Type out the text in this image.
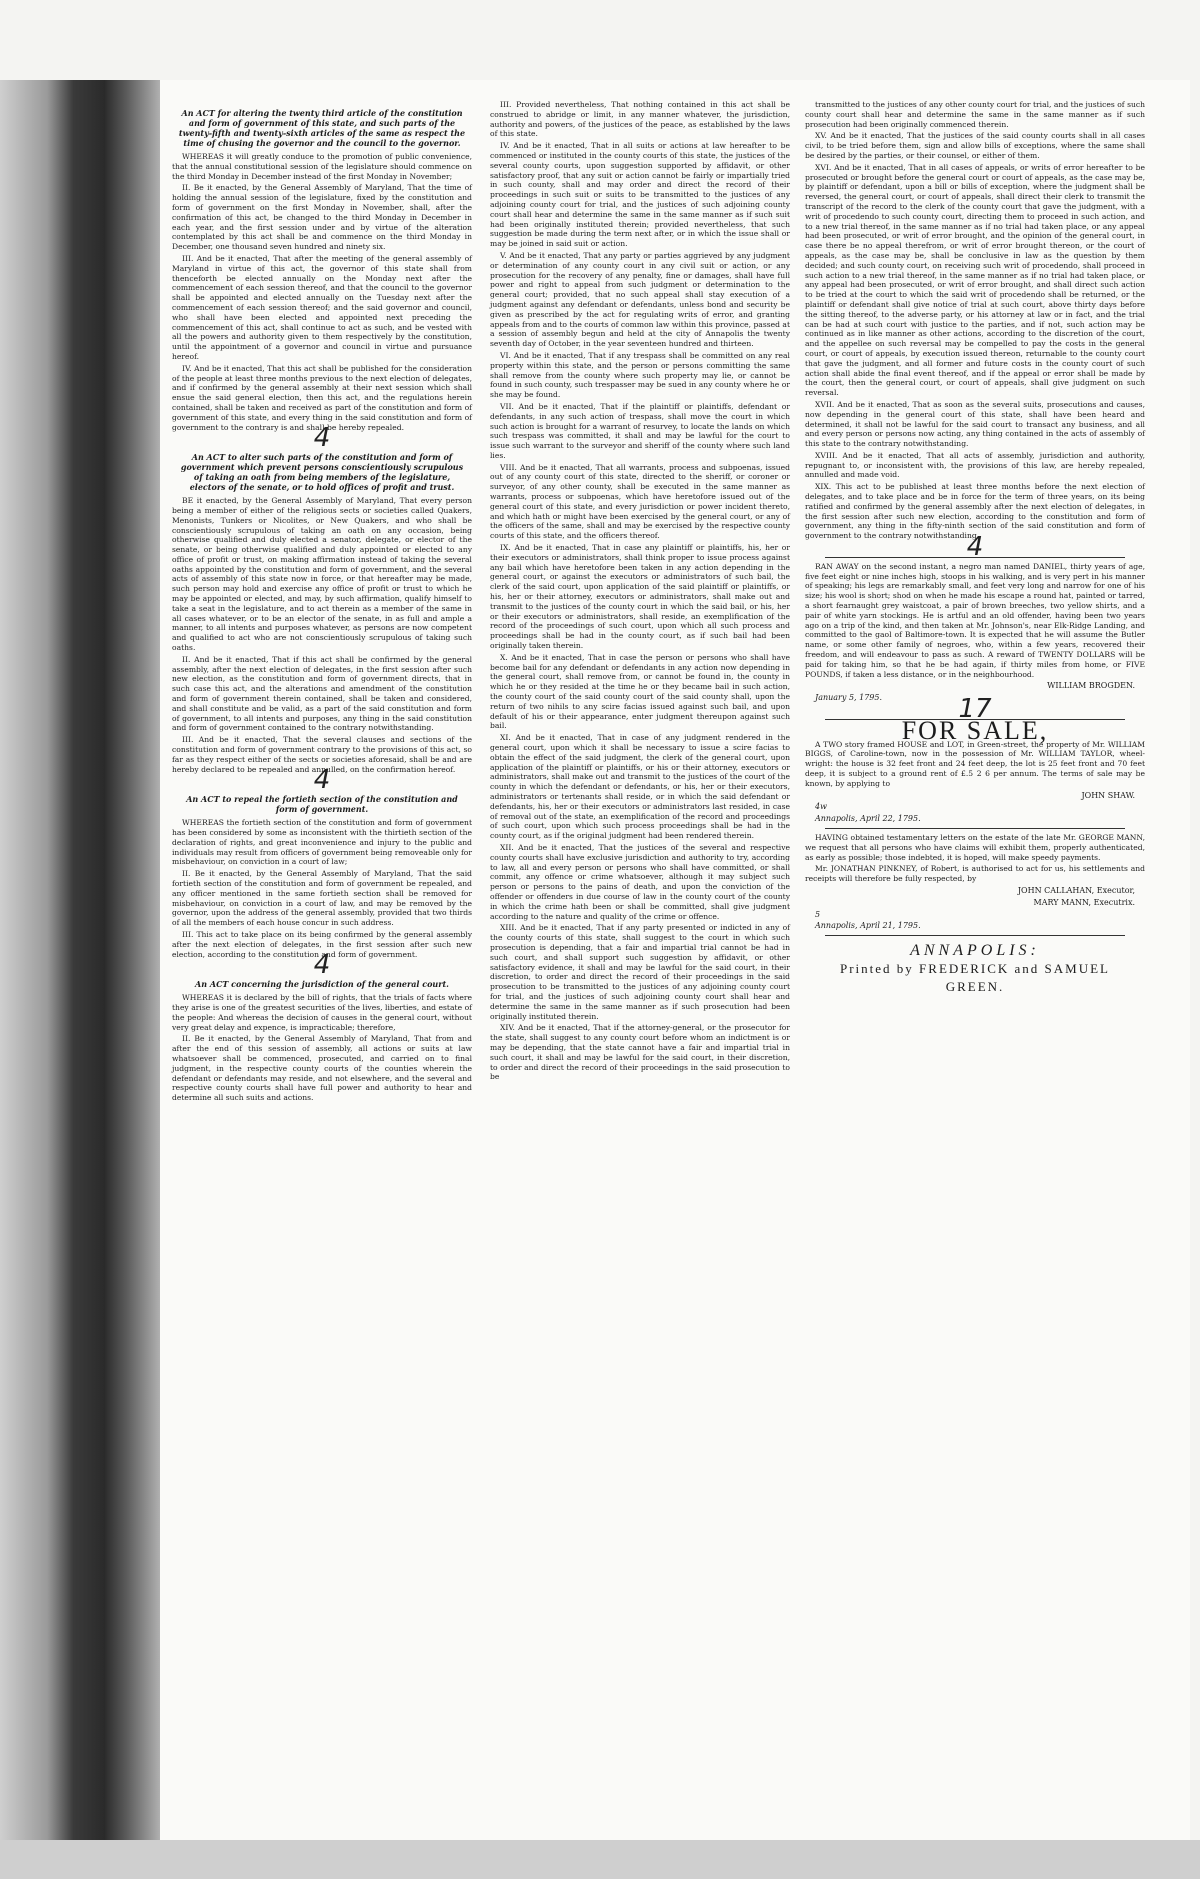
An ACT for altering the twenty third article of the constitution and form of government of this state, and such parts of the twenty-fifth and twenty-sixth articles of the same as respect the time of chusing the governor and the council to the governor.

WHEREAS it will greatly conduce to the promotion of public convenience, that the annual constitutional session of the legislature should commence on the third Monday in December instead of the first Monday in November;

II. Be it enacted, by the General Assembly of Maryland, That the time of holding the annual session of the legislature, fixed by the constitution and form of government on the first Monday in November, shall, after the confirmation of this act, be changed to the third Monday in December in each year, and the first session under and by virtue of the alteration contemplated by this act shall be and commence on the third Monday in December, one thousand seven hundred and ninety six.

III. And be it enacted, That after the meeting of the general assembly of Maryland in virtue of this act, the governor of this state shall from thenceforth be elected annually on the Monday next after the commencement of each session thereof, and that the council to the governor shall be appointed and elected annually on the Tuesday next after the commencement of each session thereof; and the said governor and council, who shall have been elected and appointed next preceding the commencement of this act, shall continue to act as such, and be vested with all the powers and authority given to them respectively by the constitution, until the appointment of a governor and council in virtue and pursuance hereof.

IV. And be it enacted, That this act shall be published for the consideration of the people at least three months previous to the next election of delegates, and if confirmed by the general assembly at their next session which shall ensue the said general election, then this act, and the regulations herein contained, shall be taken and received as part of the constitution and form of government of this state, and every thing in the said constitution and form of government to the contrary is and shall be hereby repealed.

4
An ACT to alter such parts of the constitution and form of government which prevent persons conscientiously scrupulous of taking an oath from being members of the legislature, electors of the senate, or to hold offices of profit and trust.

BE it enacted, by the General Assembly of Maryland, That every person being a member of either of the religious sects or societies called Quakers, Menonists, Tunkers or Nicolites, or New Quakers, and who shall be conscientiously scrupulous of taking an oath on any occasion, being otherwise qualified and duly elected a senator, delegate, or elector of the senate, or being otherwise qualified and duly appointed or elected to any office of profit or trust, on making affirmation instead of taking the several oaths appointed by the constitution and form of government, and the several acts of assembly of this state now in force, or that hereafter may be made, such person may hold and exercise any office of profit or trust to which he may be appointed or elected, and may, by such affirmation, qualify himself to take a seat in the legislature, and to act therein as a member of the same in all cases whatever, or to be an elector of the senate, in as full and ample a manner, to all intents and purposes whatever, as persons are now competent and qualified to act who are not conscientiously scrupulous of taking such oaths.

II. And be it enacted, That if this act shall be confirmed by the general assembly, after the next election of delegates, in the first session after such new election, as the constitution and form of government directs, that in such case this act, and the alterations and amendment of the constitution and form of government therein contained, shall be taken and considered, and shall constitute and be valid, as a part of the said constitution and form of government, to all intents and purposes, any thing in the said constitution and form of government contained to the contrary notwithstanding.

III. And be it enacted, That the several clauses and sections of the constitution and form of government contrary to the provisions of this act, so far as they respect either of the sects or societies aforesaid, shall be and are hereby declared to be repealed and annulled, on the confirmation hereof.

4
An ACT to repeal the fortieth section of the constitution and form of government.

WHEREAS the fortieth section of the constitution and form of government has been considered by some as inconsistent with the thirtieth section of the declaration of rights, and great inconvenience and injury to the public and individuals may result from officers of government being removeable only for misbehaviour, on conviction in a court of law;

II. Be it enacted, by the General Assembly of Maryland, That the said fortieth section of the constitution and form of government be repealed, and any officer mentioned in the same fortieth section shall be removed for misbehaviour, on conviction in a court of law, and may be removed by the governor, upon the address of the general assembly, provided that two thirds of all the members of each house concur in such address.

III. This act to take place on its being confirmed by the general assembly after the next election of delegates, in the first session after such new election, according to the constitution and form of government.

4
An ACT concerning the jurisdiction of the general court.

WHEREAS it is declared by the bill of rights, that the trials of facts where they arise is one of the greatest securities of the lives, liberties, and estate of the people: And whereas the decision of causes in the general court, without very great delay and expence, is impracticable; therefore,

II. Be it enacted, by the General Assembly of Maryland, That from and after the end of this session of assembly, all actions or suits at law whatsoever shall be commenced, prosecuted, and carried on to final judgment, in the respective county courts of the counties wherein the defendant or defendants may reside, and not elsewhere, and the several and respective county courts shall have full power and authority to hear and determine all such suits and actions.

III. Provided nevertheless, That nothing contained in this act shall be construed to abridge or limit, in any manner whatever, the jurisdiction, authority and powers, of the justices of the peace, as established by the laws of this state.

IV. And be it enacted, That in all suits or actions at law hereafter to be commenced or instituted in the county courts of this state, the justices of the several county courts, upon suggestion supported by affidavit, or other satisfactory proof, that any suit or action cannot be fairly or impartially tried in such county, shall and may order and direct the record of their proceedings in such suit or suits to be transmitted to the justices of any adjoining county court for trial, and the justices of such adjoining county court shall hear and determine the same in the same manner as if such suit had been originally instituted therein; provided nevertheless, that such suggestion be made during the term next after, or in which the issue shall or may be joined in said suit or action.

V. And be it enacted, That any party or parties aggrieved by any judgment or determination of any county court in any civil suit or action, or any prosecution for the recovery of any penalty, fine or damages, shall have full power and right to appeal from such judgment or determination to the general court; provided, that no such appeal shall stay execution of a judgment against any defendant or defendants, unless bond and security be given as prescribed by the act for regulating writs of error, and granting appeals from and to the courts of common law within this province, passed at a session of assembly begun and held at the city of Annapolis the twenty seventh day of October, in the year seventeen hundred and thirteen.

VI. And be it enacted, That if any trespass shall be committed on any real property within this state, and the person or persons committing the same shall remove from the county where such property may lie, or cannot be found in such county, such trespasser may be sued in any county where he or she may be found.

VII. And be it enacted, That if the plaintiff or plaintiffs, defendant or defendants, in any such action of trespass, shall move the court in which such action is brought for a warrant of resurvey, to locate the lands on which such trespass was committed, it shall and may be lawful for the court to issue such warrant to the surveyor and sheriff of the county where such land lies.

VIII. And be it enacted, That all warrants, process and subpoenas, issued out of any county court of this state, directed to the sheriff, or coroner or surveyor, of any other county, shall be executed in the same manner as warrants, process or subpoenas, which have heretofore issued out of the general court of this state, and every jurisdiction or power incident thereto, and which hath or might have been exercised by the general court, or any of the officers of the same, shall and may be exercised by the respective county courts of this state, and the officers thereof.

IX. And be it enacted, That in case any plaintiff or plaintiffs, his, her or their executors or administrators, shall think proper to issue process against any bail which have heretofore been taken in any action depending in the general court, or against the executors or administrators of such bail, the clerk of the said court, upon application of the said plaintiff or plaintiffs, or his, her or their attorney, executors or administrators, shall make out and transmit to the justices of the county court in which the said bail, or his, her or their executors or administrators, shall reside, an exemplification of the record of the proceedings of such court, upon which all such process and proceedings shall be had in the county court, as if such bail had been originally taken therein.

X. And be it enacted, That in case the person or persons who shall have become bail for any defendant or defendants in any action now depending in the general court, shall remove from, or cannot be found in, the county in which he or they resided at the time he or they became bail in such action, the county court of the said county court of the said county shall, upon the return of two nihils to any scire facias issued against such bail, and upon default of his or their appearance, enter judgment thereupon against such bail.

XI. And be it enacted, That in case of any judgment rendered in the general court, upon which it shall be necessary to issue a scire facias to obtain the effect of the said judgment, the clerk of the general court, upon application of the plaintiff or plaintiffs, or his or their attorney, executors or administrators, shall make out and transmit to the justices of the court of the county in which the defendant or defendants, or his, her or their executors, administrators or tertenants shall reside, or in which the said defendant or defendants, his, her or their executors or administrators last resided, in case of removal out of the state, an exemplification of the record and proceedings of such court, upon which such process proceedings shall be had in the county court, as if the original judgment had been rendered therein.

XII. And be it enacted, That the justices of the several and respective county courts shall have exclusive jurisdiction and authority to try, according to law, all and every person or persons who shall have committed, or shall commit, any offence or crime whatsoever, although it may subject such person or persons to the pains of death, and upon the conviction of the offender or offenders in due course of law in the county court of the county in which the crime hath been or shall be committed, shall give judgment according to the nature and quality of the crime or offence.

XIII. And be it enacted, That if any party presented or indicted in any of the county courts of this state, shall suggest to the court in which such prosecution is depending, that a fair and impartial trial cannot be had in such court, and shall support such suggestion by affidavit, or other satisfactory evidence, it shall and may be lawful for the said court, in their discretion, to order and direct the record of their proceedings in the said prosecution to be transmitted to the justices of any adjoining county court for trial, and the justices of such adjoining county court shall hear and determine the same in the same manner as if such prosecution had been originally instituted therein.

XIV. And be it enacted, That if the attorney-general, or the prosecutor for the state, shall suggest to any county court before whom an indictment is or may be depending, that the state cannot have a fair and impartial trial in such court, it shall and may be lawful for the said court, in their discretion, to order and direct the record of their proceedings in the said prosecution to be

transmitted to the justices of any other county court for trial, and the justices of such county court shall hear and determine the same in the same manner as if such prosecution had been originally commenced therein.

XV. And be it enacted, That the justices of the said county courts shall in all cases civil, to be tried before them, sign and allow bills of exceptions, where the same shall be desired by the parties, or their counsel, or either of them.

XVI. And be it enacted, That in all cases of appeals, or writs of error hereafter to be prosecuted or brought before the general court or court of appeals, as the case may be, by plaintiff or defendant, upon a bill or bills of exception, where the judgment shall be reversed, the general court, or court of appeals, shall direct their clerk to transmit the transcript of the record to the clerk of the county court that gave the judgment, with a writ of procedendo to such county court, directing them to proceed in such action, and to a new trial thereof, in the same manner as if no trial had taken place, or any appeal had been prosecuted, or writ of error brought, and the opinion of the general court, in case there be no appeal therefrom, or writ of error brought thereon, or the court of appeals, as the case may be, shall be conclusive in law as the question by them decided; and such county court, on receiving such writ of procedendo, shall proceed in such action to a new trial thereof, in the same manner as if no trial had taken place, or any appeal had been prosecuted, or writ of error brought, and shall direct such action to be tried at the court to which the said writ of procedendo shall be returned, or the plaintiff or defendant shall give notice of trial at such court, above thirty days before the sitting thereof, to the adverse party, or his attorney at law or in fact, and the trial can be had at such court with justice to the parties, and if not, such action may be continued as in like manner as other actions, according to the discretion of the court, and the appellee on such reversal may be compelled to pay the costs in the general court, or court of appeals, by execution issued thereon, returnable to the county court that gave the judgment, and all former and future costs in the county court of such action shall abide the final event thereof, and if the appeal or error shall be made by the court, then the general court, or court of appeals, shall give judgment on such reversal.

XVII. And be it enacted, That as soon as the several suits, prosecutions and causes, now depending in the general court of this state, shall have been heard and determined, it shall not be lawful for the said court to transact any business, and all and every person or persons now acting, any thing contained in the acts of assembly of this state to the contrary notwithstanding.

XVIII. And be it enacted, That all acts of assembly, jurisdiction and authority, repugnant to, or inconsistent with, the provisions of this law, are hereby repealed, annulled and made void.

XIX. This act to be published at least three months before the next election of delegates, and to take place and be in force for the term of three years, on its being ratified and confirmed by the general assembly after the next election of delegates, in the first session after such new election, according to the constitution and form of government, any thing in the fifty-ninth section of the said constitution and form of government to the contrary notwithstanding.

4

RAN AWAY on the second instant, a negro man named DANIEL, thirty years of age, five feet eight or nine inches high, stoops in his walking, and is very pert in his manner of speaking; his legs are remarkably small, and feet very long and narrow for one of his size; his wool is short; shod on when he made his escape a round hat, painted or tarred, a short fearnaught grey waistcoat, a pair of brown breeches, two yellow shirts, and a pair of white yarn stockings. He is artful and an old offender, having been two years ago on a trip of the kind, and then taken at Mr. Johnson's, near Elk-Ridge Landing, and committed to the gaol of Baltimore-town. It is expected that he will assume the Butler name, or some other family of negroes, who, within a few years, recovered their freedom, and will endeavour to pass as such. A reward of TWENTY DOLLARS will be paid for taking him, so that he be had again, if thirty miles from home, or FIVE POUNDS, if taken a less distance, or in the neighbourhood.

WILLIAM BROGDEN.
January 5, 1795.	17
FOR SALE,

A TWO story framed HOUSE and LOT, in Green-street, the property of Mr. WILLIAM BIGGS, of Caroline-town, now in the possession of Mr. WILLIAM TAYLOR, wheel-wright: the house is 32 feet front and 24 feet deep, the lot is 25 feet front and 70 feet deep, it is subject to a ground rent of £.5 2 6 per annum. The terms of sale may be known, by applying to

JOHN SHAW.
4w
Annapolis, April 22, 1795.

HAVING obtained testamentary letters on the estate of the late Mr. GEORGE MANN, we request that all persons who have claims will exhibit them, properly authenticated, as early as possible; those indebted, it is hoped, will make speedy payments.

Mr. JONATHAN PINKNEY, of Robert, is authorised to act for us, his settlements and receipts will therefore be fully respected, by

JOHN CALLAHAN, Executor,
MARY MANN, Executrix.
5
Annapolis, April 21, 1795.
ANNAPOLIS:
Printed by FREDERICK and SAMUEL
GREEN.
